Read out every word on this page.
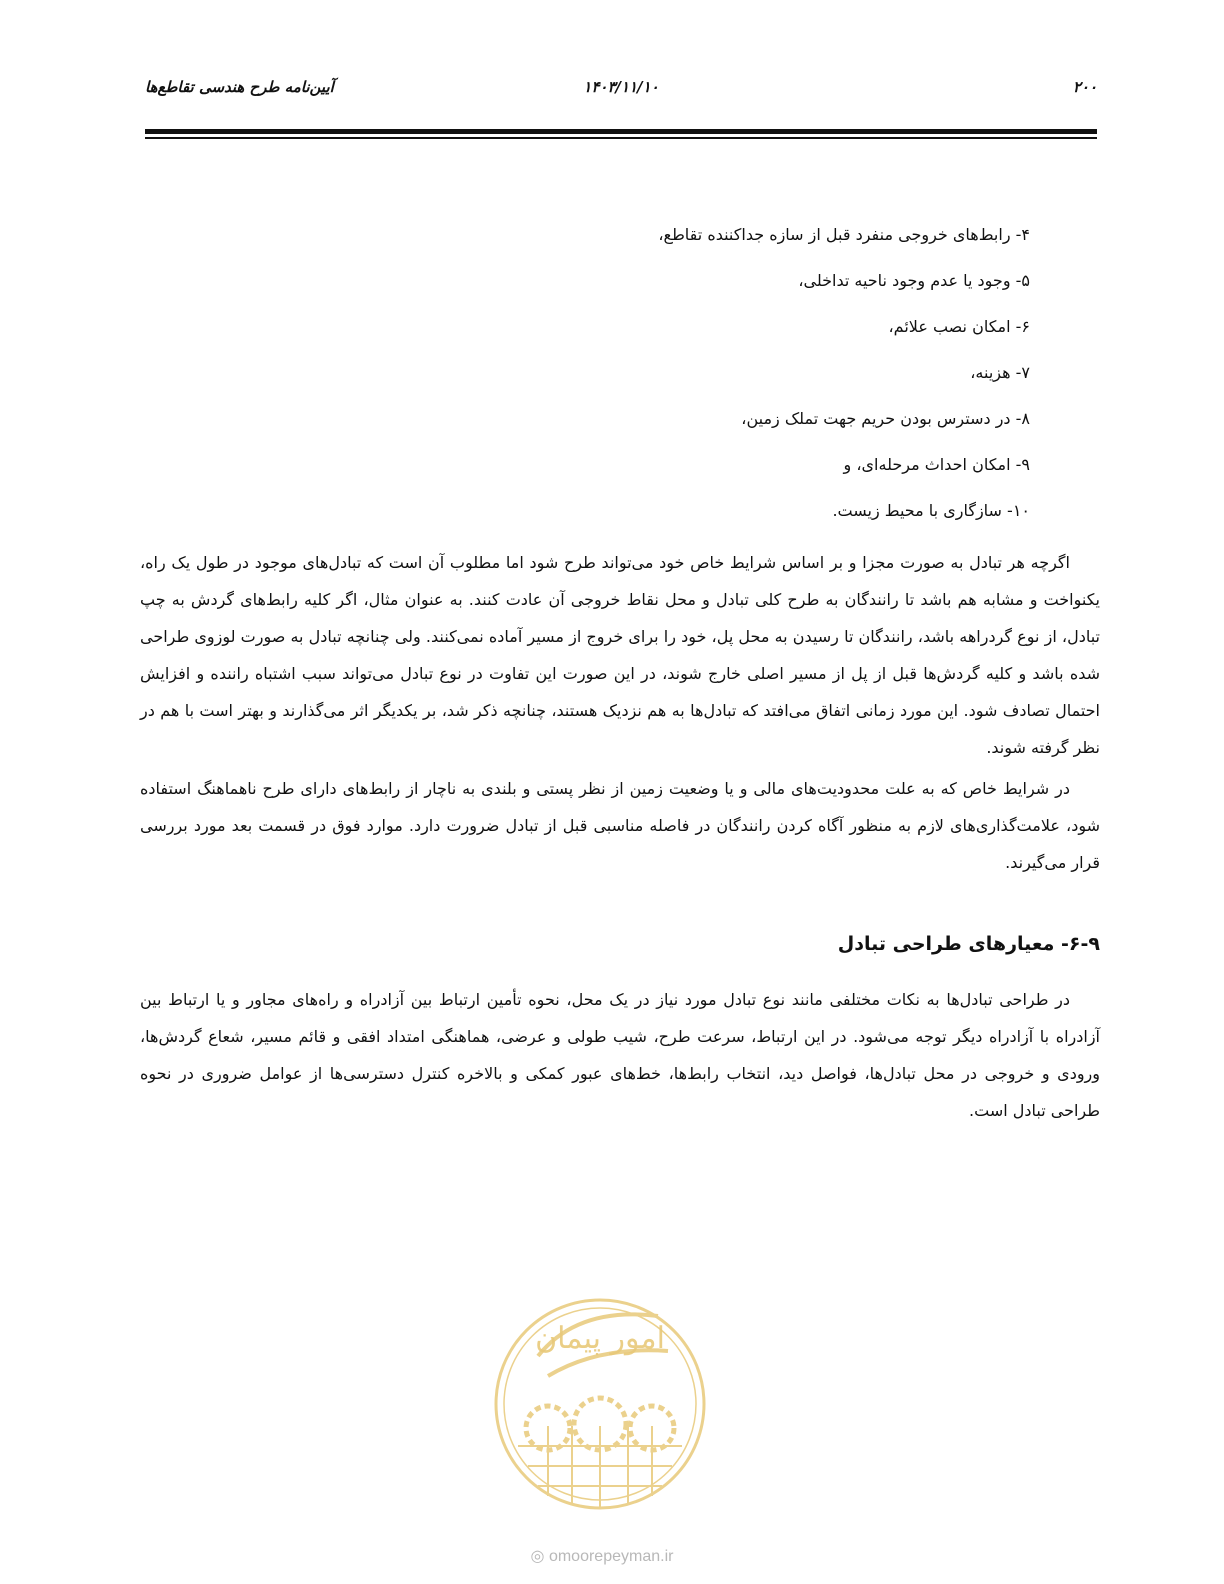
۲۰۰
۱۴۰۳/۱۱/۱۰
آیین‌نامه طرح هندسی تقاطع‌ها
۴- رابط‌های خروجی منفرد قبل از سازه جداکننده تقاطع،
۵- وجود یا عدم وجود ناحیه تداخلی،
۶- امکان نصب علائم،
۷- هزینه،
۸- در دسترس بودن حریم جهت تملک زمین،
۹- امکان احداث مرحله‌ای، و
۱۰- سازگاری با محیط زیست.

اگرچه هر تبادل به صورت مجزا و بر اساس شرایط خاص خود می‌تواند طرح شود اما مطلوب آن است که تبادل‌های موجود در طول یک راه، یکنواخت و مشابه هم باشد تا رانندگان به طرح کلی تبادل و محل نقاط خروجی آن عادت کنند. به عنوان مثال، اگر کلیه رابط‌های گردش به چپ تبادل، از نوع گردراهه باشد، رانندگان تا رسیدن به محل پل، خود را برای خروج از مسیر آماده نمی‌کنند. ولی چنانچه تبادل به صورت لوزوی طراحی شده باشد و کلیه گردش‌ها قبل از پل از مسیر اصلی خارج شوند، در این صورت این تفاوت در نوع تبادل می‌تواند سبب اشتباه راننده و افزایش احتمال تصادف شود. این مورد زمانی اتفاق می‌افتد که تبادل‌ها به هم نزدیک هستند، چنانچه ذکر شد، بر یکدیگر اثر می‌گذارند و بهتر است با هم در نظر گرفته شوند.

در شرایط خاص که به علت محدودیت‌های مالی و یا وضعیت زمین از نظر پستی و بلندی به ناچار از رابط‌های دارای طرح ناهماهنگ استفاده شود، علامت‌گذاری‌های لازم به منظور آگاه کردن رانندگان در فاصله مناسبی قبل از تبادل ضرورت دارد. موارد فوق در قسمت بعد مورد بررسی قرار می‌گیرند.

۶-۹- معیارهای طراحی تبادل

در طراحی تبادل‌ها به نکات مختلفی مانند نوع تبادل مورد نیاز در یک محل، نحوه تأمین ارتباط بین آزادراه و راه‌های مجاور و یا ارتباط بین آزادراه با آزادراه دیگر توجه می‌شود. در این ارتباط، سرعت طرح، شیب طولی و عرضی، هماهنگی امتداد افقی و قائم مسیر، شعاع گردش‌ها، ورودی و خروجی در محل تبادل‌ها، فواصل دید، انتخاب رابط‌ها، خط‌های عبور کمکی و بالاخره کنترل دسترسی‌ها از عوامل ضروری در نحوه طراحی تبادل است.

امور پیمان
◎ omoorepeyman.ir
